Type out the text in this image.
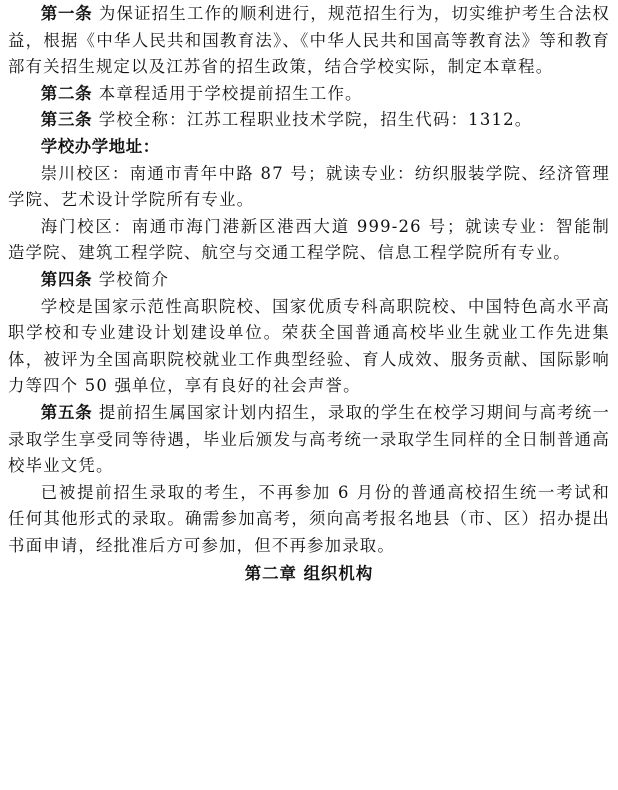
第一条 为保证招生工作的顺利进行，规范招生行为，切实维护考生合法权益，根据《中华人民共和国教育法》、《中华人民共和国高等教育法》等和教育部有关招生规定以及江苏省的招生政策，结合学校实际，制定本章程。

第二条 本章程适用于学校提前招生工作。

第三条 学校全称：江苏工程职业技术学院，招生代码：1312。

学校办学地址：

崇川校区：南通市青年中路 87 号；就读专业：纺织服装学院、经济管理学院、艺术设计学院所有专业。

海门校区：南通市海门港新区港西大道 999-26 号；就读专业：智能制造学院、建筑工程学院、航空与交通工程学院、信息工程学院所有专业。

第四条 学校简介

学校是国家示范性高职院校、国家优质专科高职院校、中国特色高水平高职学校和专业建设计划建设单位。荣获全国普通高校毕业生就业工作先进集体，被评为全国高职院校就业工作典型经验、育人成效、服务贡献、国际影响力等四个 50 强单位，享有良好的社会声誉。

第五条 提前招生属国家计划内招生，录取的学生在校学习期间与高考统一录取学生享受同等待遇，毕业后颁发与高考统一录取学生同样的全日制普通高校毕业文凭。

已被提前招生录取的考生，不再参加 6 月份的普通高校招生统一考试和任何其他形式的录取。确需参加高考，须向高考报名地县（市、区）招办提出书面申请，经批准后方可参加，但不再参加录取。

第二章 组织机构
